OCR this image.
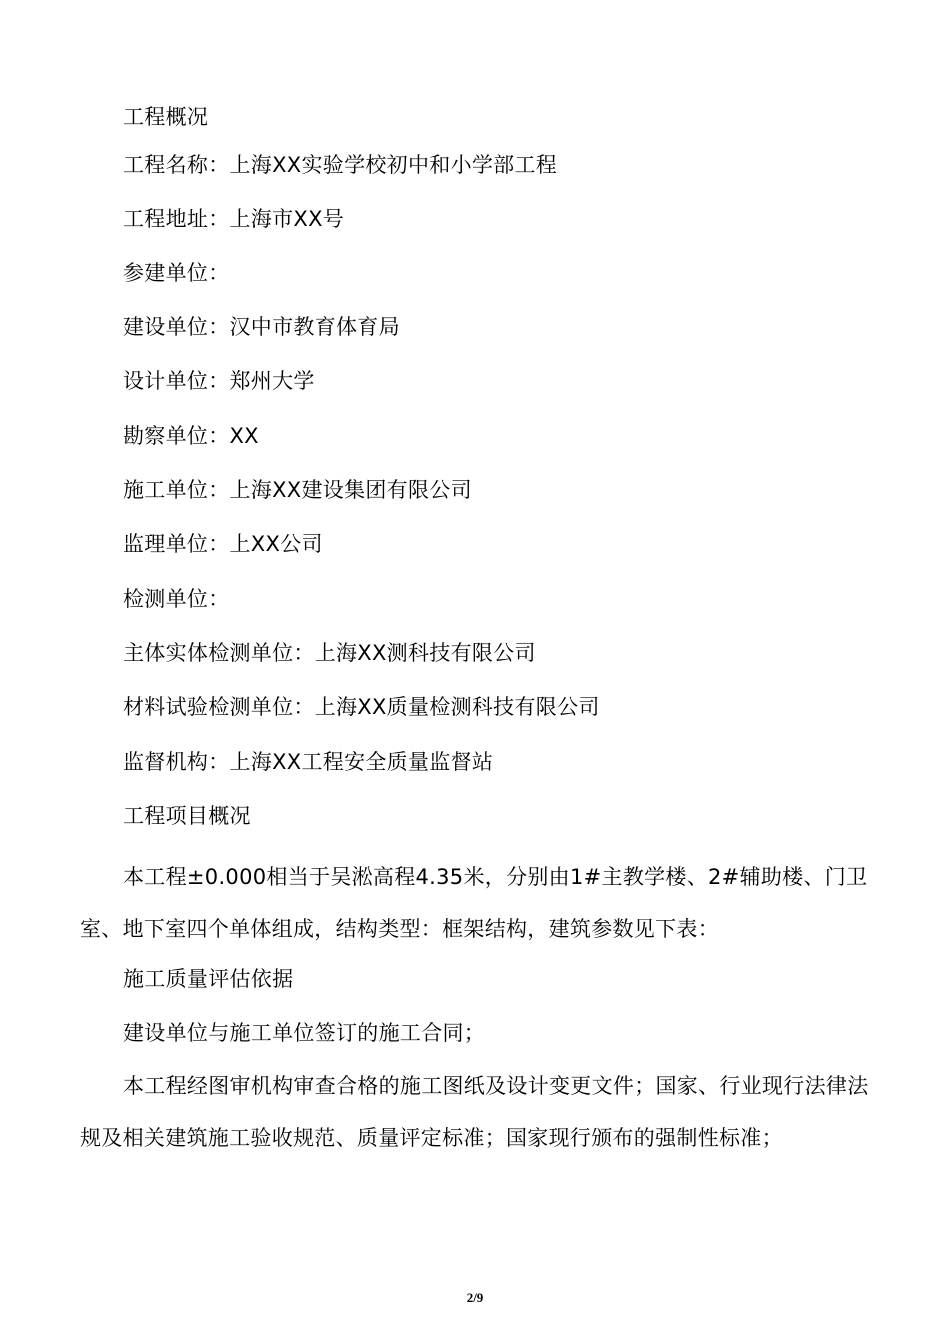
工程概况
工程名称：上海XX实验学校初中和小学部工程
工程地址：上海市XX号
参建单位：
建设单位：汉中市教育体育局
设计单位：郑州大学
勘察单位：XX
施工单位：上海XX建设集团有限公司
监理单位：上XX公司
检测单位：
主体实体检测单位：上海XX测科技有限公司
材料试验检测单位：上海XX质量检测科技有限公司
监督机构：上海XX工程安全质量监督站
工程项目概况
本工程±0.000相当于吴淞高程4.35米，分别由1#主教学楼、2#辅助楼、门卫室、地下室四个单体组成，结构类型：框架结构，建筑参数见下表：
施工质量评估依据
建设单位与施工单位签订的施工合同；
本工程经图审机构审查合格的施工图纸及设计变更文件；国家、行业现行法律法规及相关建筑施工验收规范、质量评定标准；国家现行颁布的强制性标准；
2/9
